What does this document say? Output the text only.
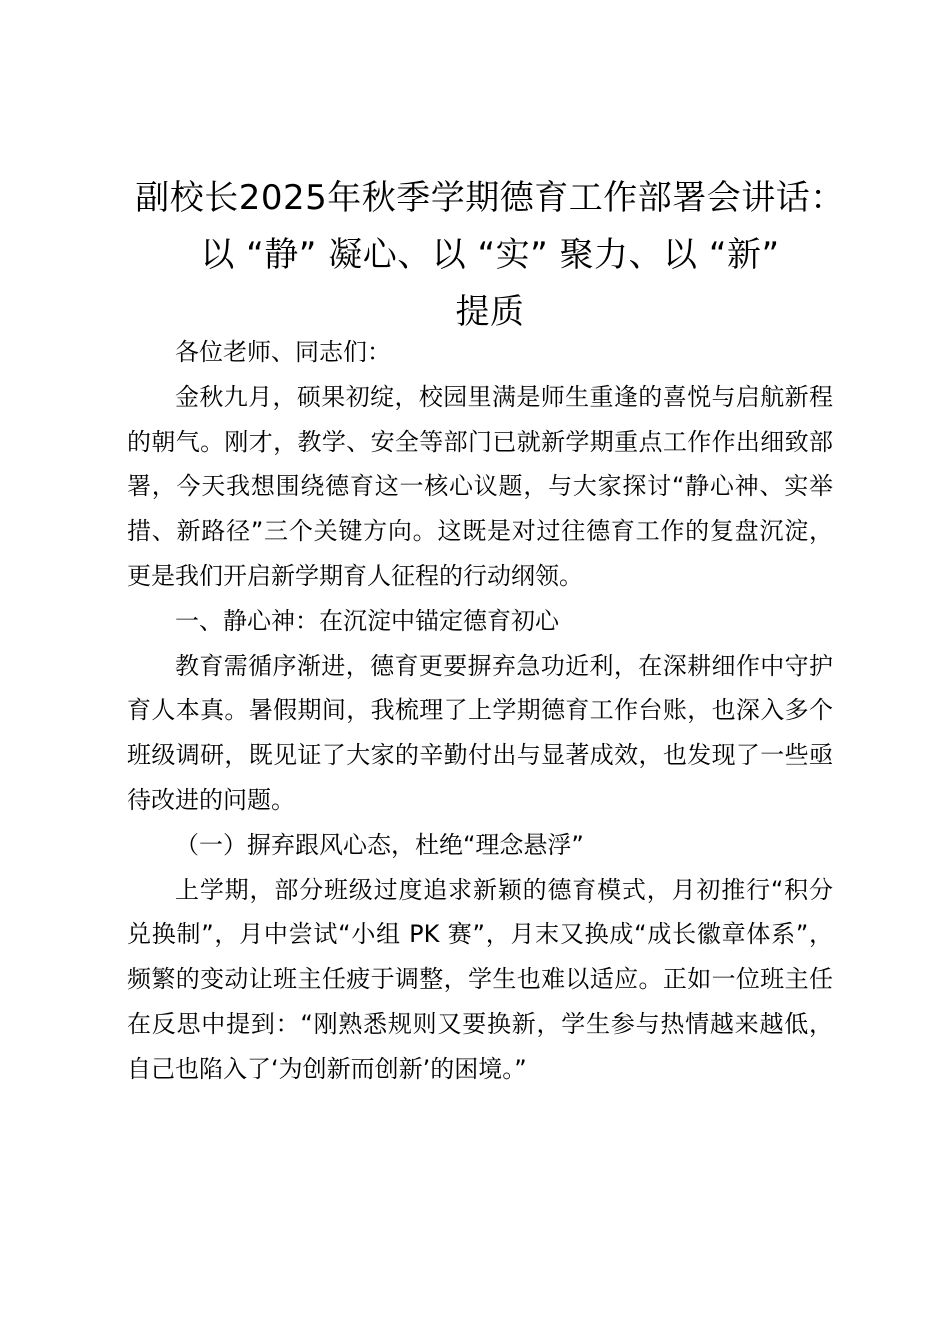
副校长2025年秋季学期德育工作部署会讲话：
以 “静” 凝心、以 “实” 聚力、以 “新”
提质

各位老师、同志们：

金秋九月，硕果初绽，校园里满是师生重逢的喜悦与启航新程的朝气。刚才，教学、安全等部门已就新学期重点工作作出细致部署，今天我想围绕德育这一核心议题，与大家探讨“静心神、实举措、新路径”三个关键方向。这既是对过往德育工作的复盘沉淀，更是我们开启新学期育人征程的行动纲领。

一、静心神：在沉淀中锚定德育初心

教育需循序渐进，德育更要摒弃急功近利，在深耕细作中守护育人本真。暑假期间，我梳理了上学期德育工作台账，也深入多个班级调研，既见证了大家的辛勤付出与显著成效，也发现了一些亟待改进的问题。

（一）摒弃跟风心态，杜绝“理念悬浮”

上学期，部分班级过度追求新颖的德育模式，月初推行“积分兑换制”，月中尝试“小组 PK 赛”，月末又换成“成长徽章体系”，频繁的变动让班主任疲于调整，学生也难以适应。正如一位班主任在反思中提到：“刚熟悉规则又要换新，学生参与热情越来越低，自己也陷入了‘为创新而创新’的困境。”
